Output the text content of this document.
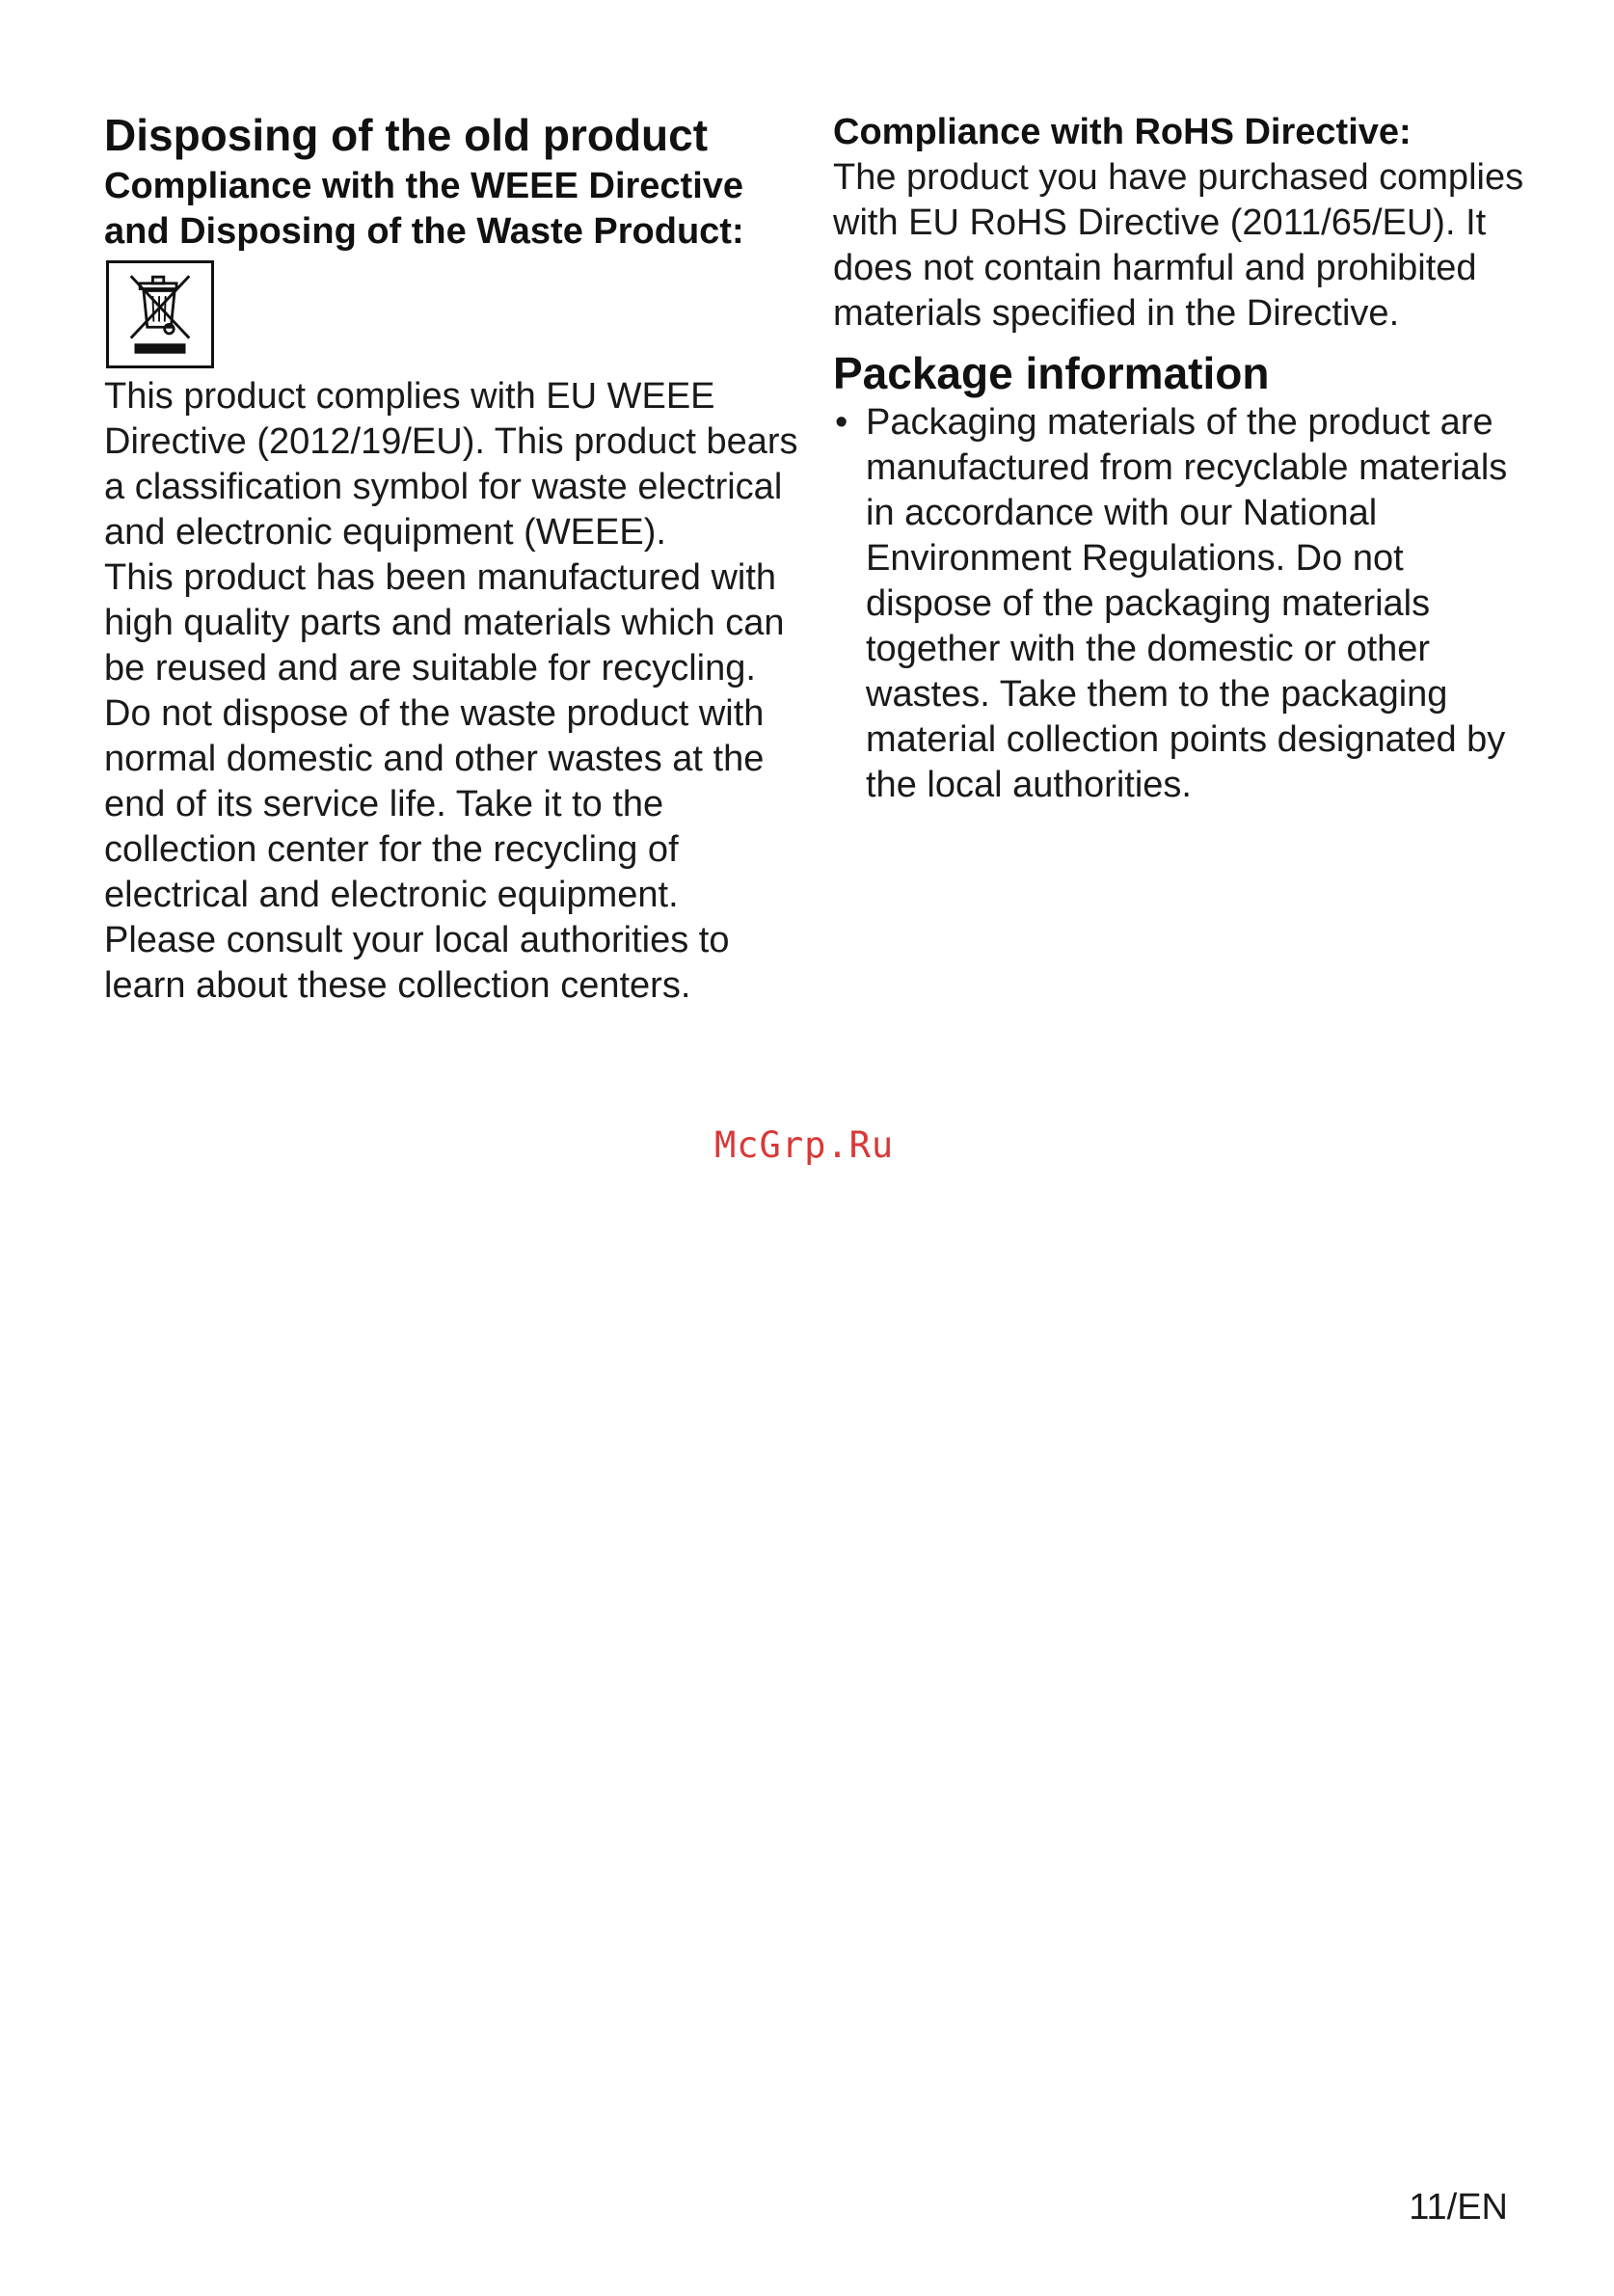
Disposing of the old product
Compliance with the WEEE Directive and Disposing of the Waste Product:

This product complies with EU WEEE Directive (2012/19/EU). This product bears a classification symbol for waste electrical and electronic equipment (WEEE).

This product has been manufactured with high quality parts and materials which can be reused and are suitable for recycling. Do not dispose of the waste product with normal domestic and other wastes at the end of its service life. Take it to the collection center for the recycling of electrical and electronic equipment. Please consult your local authorities to learn about these collection centers.

Compliance with RoHS Directive:

The product you have purchased complies with EU RoHS Directive (2011/65/EU). It does not contain harmful and prohibited materials specified in the Directive.

Package information
• Packaging materials of the product are manufactured from recyclable materials in accordance with our National Environment Regulations. Do not dispose of the packaging materials together with the domestic or other wastes. Take them to the packaging material collection points designated by the local authorities.
McGrp.Ru
11/EN
